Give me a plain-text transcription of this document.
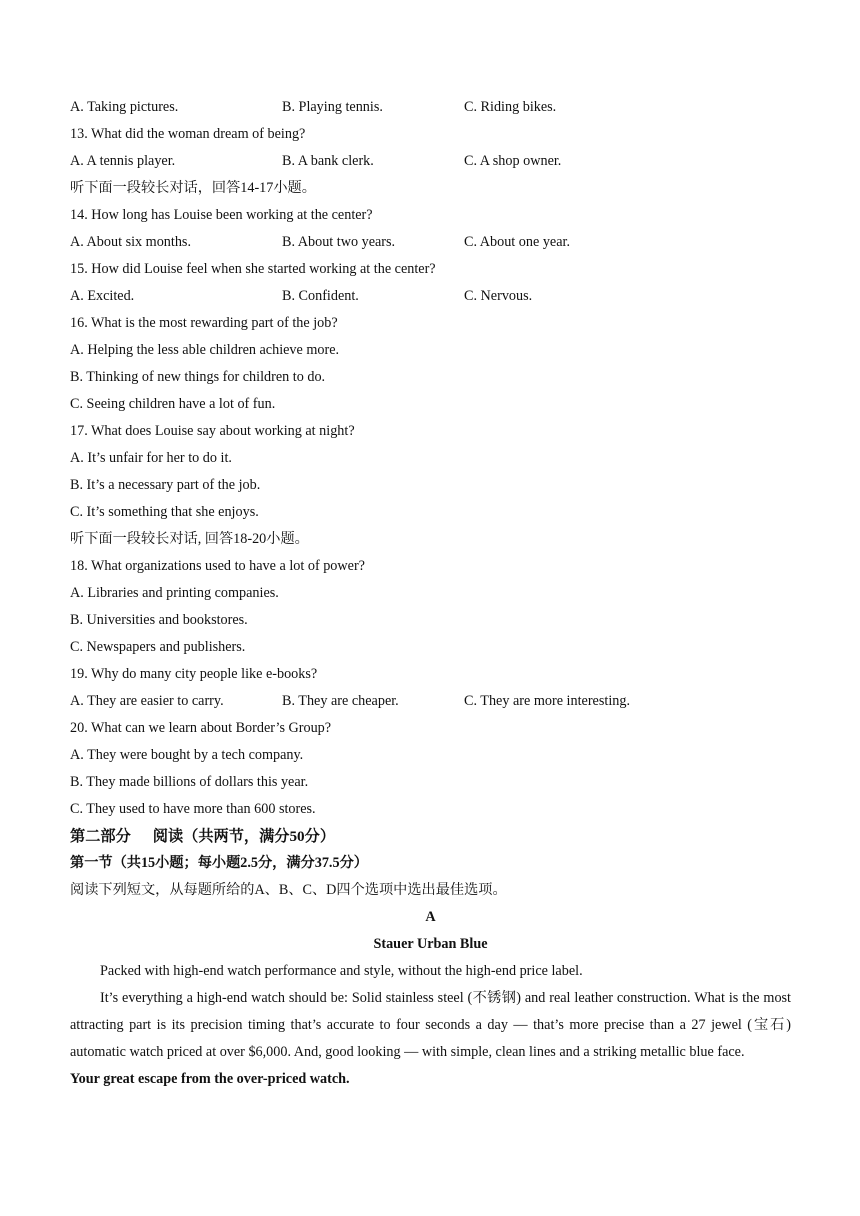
A. Taking pictures.	B. Playing tennis.	C. Riding bikes.
13. What did the woman dream of being?
A. A tennis player.	B. A bank clerk.	C. A shop owner.
听下面一段较长对话，回答14-17小题。
14. How long has Louise been working at the center?
A. About six months.	B. About two years.	C. About one year.
15. How did Louise feel when she started working at the center?
A. Excited.	B. Confident.	C. Nervous.
16. What is the most rewarding part of the job?
A. Helping the less able children achieve more.
B. Thinking of new things for children to do.
C. Seeing children have a lot of fun.
17. What does Louise say about working at night?
A. It’s unfair for her to do it.
B. It’s a necessary part of the job.
C. It’s something that she enjoys.
听下面一段较长对话, 回答18-20小题。
18. What organizations used to have a lot of power?
A. Libraries and printing companies.
B. Universities and bookstores.
C. Newspapers and publishers.
19. Why do many city people like e-books?
A. They are easier to carry.	B. They are cheaper.	C. They are more interesting.
20. What can we learn about Border’s Group?
A. They were bought by a tech company.
B. They made billions of dollars this year.
C. They used to have more than 600 stores.
第二部分 阅读（共两节，满分50分）
第一节（共15小题；每小题2.5分，满分37.5分）
阅读下列短文，从每题所给的A、B、C、D四个选项中选出最佳选项。
A
Stauer Urban Blue
Packed with high-end watch performance and style, without the high-end price label.
It’s everything a high-end watch should be: Solid stainless steel (不锈钢) and real leather construction. What is the most attracting part is its precision timing that’s accurate to four seconds a day — that’s more precise than a 27 jewel (宝石) automatic watch priced at over $6,000. And, good looking — with simple, clean lines and a striking metallic blue face.
Your great escape from the over-priced watch.
